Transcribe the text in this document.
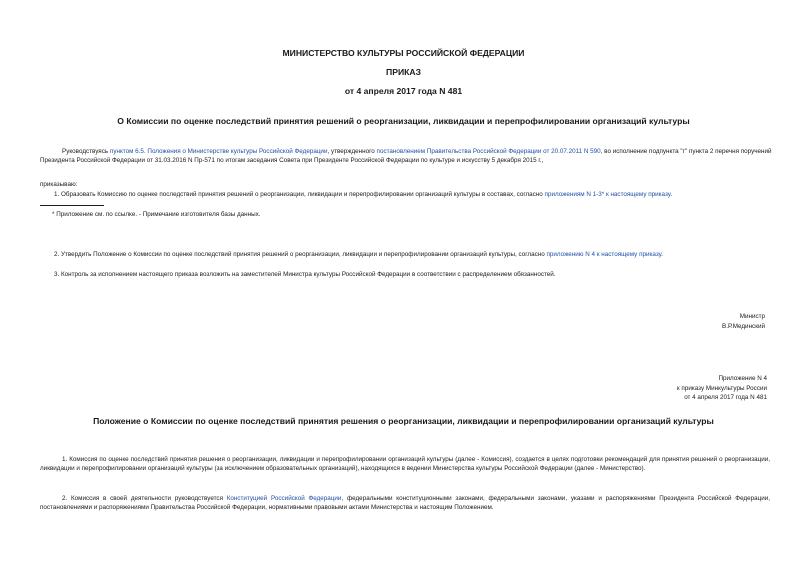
МИНИСТЕРСТВО КУЛЬТУРЫ РОССИЙСКОЙ ФЕДЕРАЦИИ
ПРИКАЗ
от 4 апреля 2017 года N 481
О Комиссии по оценке последствий принятия решений о реорганизации, ликвидации и перепрофилировании организаций культуры
Руководствуясь пунктом 6.5. Положения о Министерстве культуры Российской Федерации, утвержденного постановлением Правительства Российской Федерации от 20.07.2011 N 590, во исполнение подпункта "г" пункта 2 перечня поручений Президента Российской Федерации от 31.03.2016 N Пр-571 по итогам заседания Совета при Президенте Российской Федерации по культуре и искусству 5 декабря 2015 г.,
приказываю:
1. Образовать Комиссию по оценке последствий принятия решений о реорганизации, ликвидации и перепрофилировании организаций культуры в составах, согласно приложениям N 1-3* к настоящему приказу.
* Приложение см. по ссылке. - Примечание изготовителя базы данных.
2. Утвердить Положение о Комиссии по оценке последствий принятия решений о реорганизации, ликвидации и перепрофилировании организаций культуры, согласно приложению N 4 к настоящему приказу.
3. Контроль за исполнением настоящего приказа возложить на заместителей Министра культуры Российской Федерации в соответствии с распределением обязанностей.
Министр
В.Р.Мединский
Приложение N 4
к приказу Минкультуры России
от 4 апреля 2017 года N 481
Положение о Комиссии по оценке последствий принятия решения о реорганизации, ликвидации и перепрофилировании организаций культуры
1. Комиссия по оценке последствий принятия решения о реорганизации, ликвидации и перепрофилировании организаций культуры (далее - Комиссия), создается в целях подготовки рекомендаций для принятия решений о реорганизации, ликвидации и перепрофилировании организаций культуры (за исключением образовательных организаций), находящихся в ведении Министерства культуры Российской Федерации (далее - Министерство).
2. Комиссия в своей деятельности руководствуется Конституцией Российской Федерации, федеральными конституционными законами, федеральными законами, указами и распоряжениями Президента Российской Федерации, постановлениями и распоряжениями Правительства Российской Федерации, нормативными правовыми актами Министерства и настоящим Положением.
